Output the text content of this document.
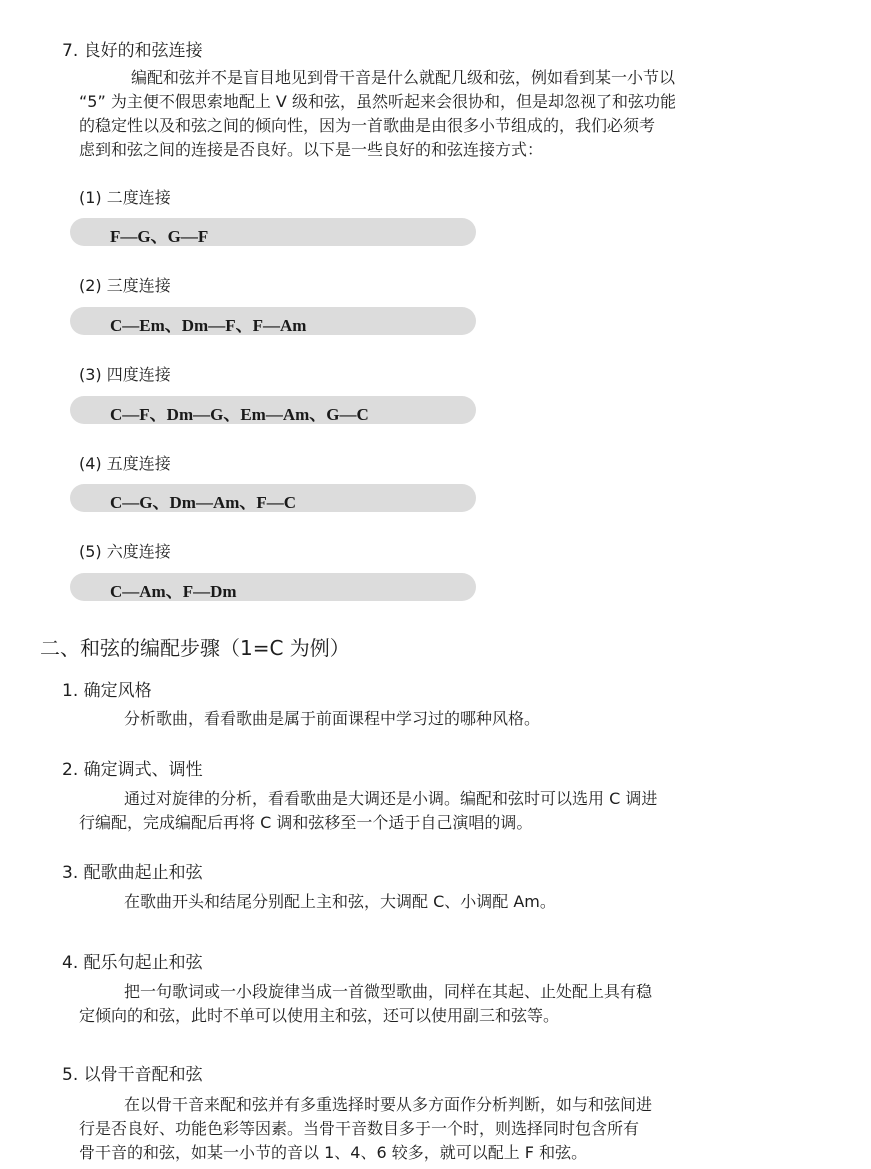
7. 良好的和弦连接
编配和弦并不是盲目地见到骨干音是什么就配几级和弦，例如看到某一小节以
“5” 为主便不假思索地配上 V 级和弦，虽然听起来会很协和，但是却忽视了和弦功能
的稳定性以及和弦之间的倾向性，因为一首歌曲是由很多小节组成的，我们必须考
虑到和弦之间的连接是否良好。以下是一些良好的和弦连接方式：
(1) 二度连接
F—G、G—F
(2) 三度连接
C—Em、Dm—F、F—Am
(3) 四度连接
C—F、Dm—G、Em—Am、G—C
(4) 五度连接
C—G、Dm—Am、F—C
(5) 六度连接
C—Am、F—Dm
二、和弦的编配步骤（1=C 为例）
1. 确定风格
分析歌曲，看看歌曲是属于前面课程中学习过的哪种风格。
2. 确定调式、调性
通过对旋律的分析，看看歌曲是大调还是小调。编配和弦时可以选用 C 调进
行编配，完成编配后再将 C 调和弦移至一个适于自己演唱的调。
3. 配歌曲起止和弦
在歌曲开头和结尾分别配上主和弦，大调配 C、小调配 Am。
4. 配乐句起止和弦
把一句歌词或一小段旋律当成一首微型歌曲，同样在其起、止处配上具有稳
定倾向的和弦，此时不单可以使用主和弦，还可以使用副三和弦等。
5. 以骨干音配和弦
在以骨干音来配和弦并有多重选择时要从多方面作分析判断，如与和弦间进
行是否良好、功能色彩等因素。当骨干音数目多于一个时，则选择同时包含所有
骨干音的和弦，如某一小节的音以 1、4、6 较多，就可以配上 F 和弦。
